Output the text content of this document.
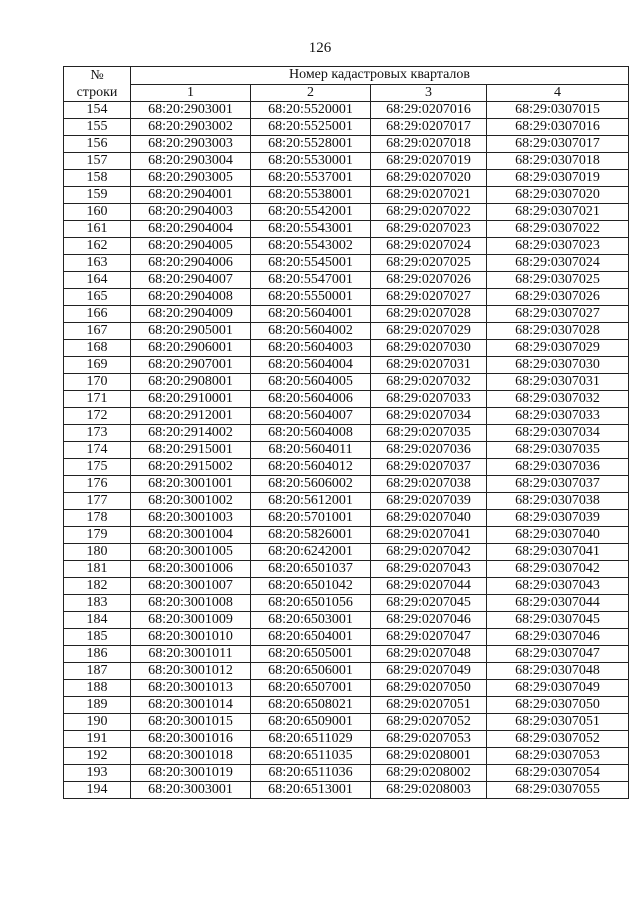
126
№
строки	Номер кадастровых кварталов			
	1	2	3	4
154	68:20:2903001	68:20:5520001	68:29:0207016	68:29:0307015
155	68:20:2903002	68:20:5525001	68:29:0207017	68:29:0307016
156	68:20:2903003	68:20:5528001	68:29:0207018	68:29:0307017
157	68:20:2903004	68:20:5530001	68:29:0207019	68:29:0307018
158	68:20:2903005	68:20:5537001	68:29:0207020	68:29:0307019
159	68:20:2904001	68:20:5538001	68:29:0207021	68:29:0307020
160	68:20:2904003	68:20:5542001	68:29:0207022	68:29:0307021
161	68:20:2904004	68:20:5543001	68:29:0207023	68:29:0307022
162	68:20:2904005	68:20:5543002	68:29:0207024	68:29:0307023
163	68:20:2904006	68:20:5545001	68:29:0207025	68:29:0307024
164	68:20:2904007	68:20:5547001	68:29:0207026	68:29:0307025
165	68:20:2904008	68:20:5550001	68:29:0207027	68:29:0307026
166	68:20:2904009	68:20:5604001	68:29:0207028	68:29:0307027
167	68:20:2905001	68:20:5604002	68:29:0207029	68:29:0307028
168	68:20:2906001	68:20:5604003	68:29:0207030	68:29:0307029
169	68:20:2907001	68:20:5604004	68:29:0207031	68:29:0307030
170	68:20:2908001	68:20:5604005	68:29:0207032	68:29:0307031
171	68:20:2910001	68:20:5604006	68:29:0207033	68:29:0307032
172	68:20:2912001	68:20:5604007	68:29:0207034	68:29:0307033
173	68:20:2914002	68:20:5604008	68:29:0207035	68:29:0307034
174	68:20:2915001	68:20:5604011	68:29:0207036	68:29:0307035
175	68:20:2915002	68:20:5604012	68:29:0207037	68:29:0307036
176	68:20:3001001	68:20:5606002	68:29:0207038	68:29:0307037
177	68:20:3001002	68:20:5612001	68:29:0207039	68:29:0307038
178	68:20:3001003	68:20:5701001	68:29:0207040	68:29:0307039
179	68:20:3001004	68:20:5826001	68:29:0207041	68:29:0307040
180	68:20:3001005	68:20:6242001	68:29:0207042	68:29:0307041
181	68:20:3001006	68:20:6501037	68:29:0207043	68:29:0307042
182	68:20:3001007	68:20:6501042	68:29:0207044	68:29:0307043
183	68:20:3001008	68:20:6501056	68:29:0207045	68:29:0307044
184	68:20:3001009	68:20:6503001	68:29:0207046	68:29:0307045
185	68:20:3001010	68:20:6504001	68:29:0207047	68:29:0307046
186	68:20:3001011	68:20:6505001	68:29:0207048	68:29:0307047
187	68:20:3001012	68:20:6506001	68:29:0207049	68:29:0307048
188	68:20:3001013	68:20:6507001	68:29:0207050	68:29:0307049
189	68:20:3001014	68:20:6508021	68:29:0207051	68:29:0307050
190	68:20:3001015	68:20:6509001	68:29:0207052	68:29:0307051
191	68:20:3001016	68:20:6511029	68:29:0207053	68:29:0307052
192	68:20:3001018	68:20:6511035	68:29:0208001	68:29:0307053
193	68:20:3001019	68:20:6511036	68:29:0208002	68:29:0307054
194	68:20:3003001	68:20:6513001	68:29:0208003	68:29:0307055
